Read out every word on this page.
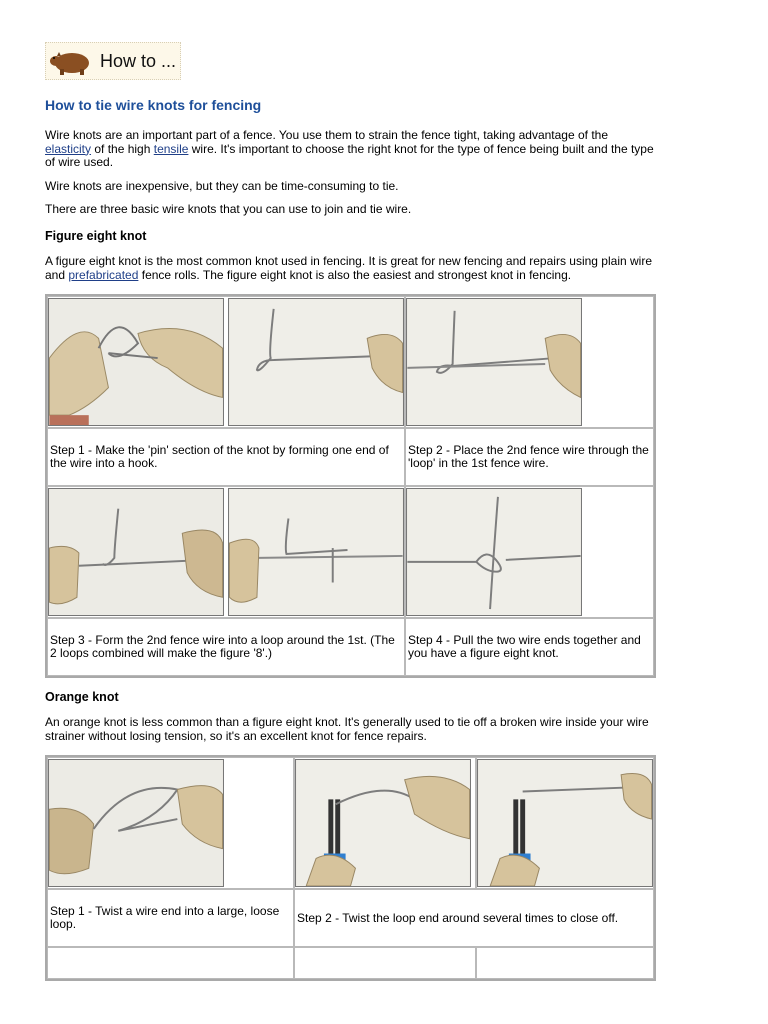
How to ...
How to tie wire knots for fencing

Wire knots are an important part of a fence. You use them to strain the fence tight, taking advantage of the elasticity of the high tensile wire. It's important to choose the right knot for the type of fence being built and the type of wire used.

Wire knots are inexpensive, but they can be time-consuming to tie.

There are three basic wire knots that you can use to join and tie wire.

Figure eight knot

A figure eight knot is the most common knot used in fencing. It is great for new fencing and repairs using plain wire and prefabricated fence rolls. The figure eight knot is also the easiest and strongest knot in fencing.

Step 1 - Make the 'pin' section of the knot by forming one end of the wire into a hook.	Step 2 - Place the 2nd fence wire through the 'loop' in the 1st fence wire.

Step 3 - Form the 2nd fence wire into a loop around the 1st. (The 2 loops combined will make the figure '8'.)	Step 4 - Pull the two wire ends together and you have a figure eight knot.
Orange knot

An orange knot is less common than a figure eight knot. It's generally used to tie off a broken wire inside your wire strainer without losing tension, so it's an excellent knot for fence repairs.

Step 1 - Twist a wire end into a large, loose loop.	Step 2 - Twist the loop end around several times to close off.	
